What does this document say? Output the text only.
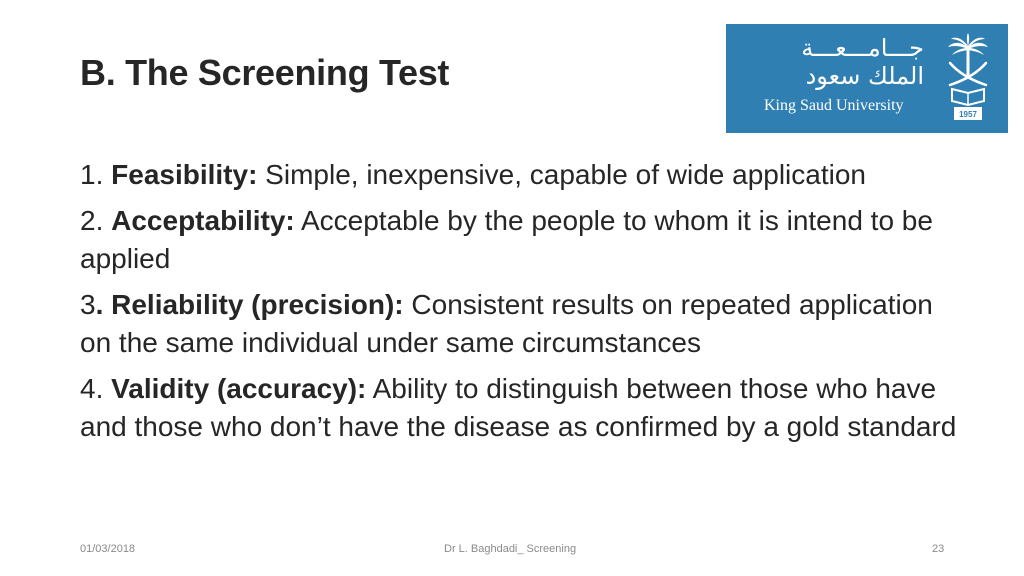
B. The Screening Test
جـــامـــعـــة
الملك سعود
King Saud University
1957

1. Feasibility: Simple, inexpensive, capable of wide application

2. Acceptability: Acceptable by the people to whom it is intend to be applied

3. Reliability (precision): Consistent results on repeated application on the same individual under same circumstances

4. Validity (accuracy): Ability to distinguish between those who have and those who don’t have the disease as confirmed by a gold standard

01/03/2018	Dr L. Baghdadi_ Screening	23
